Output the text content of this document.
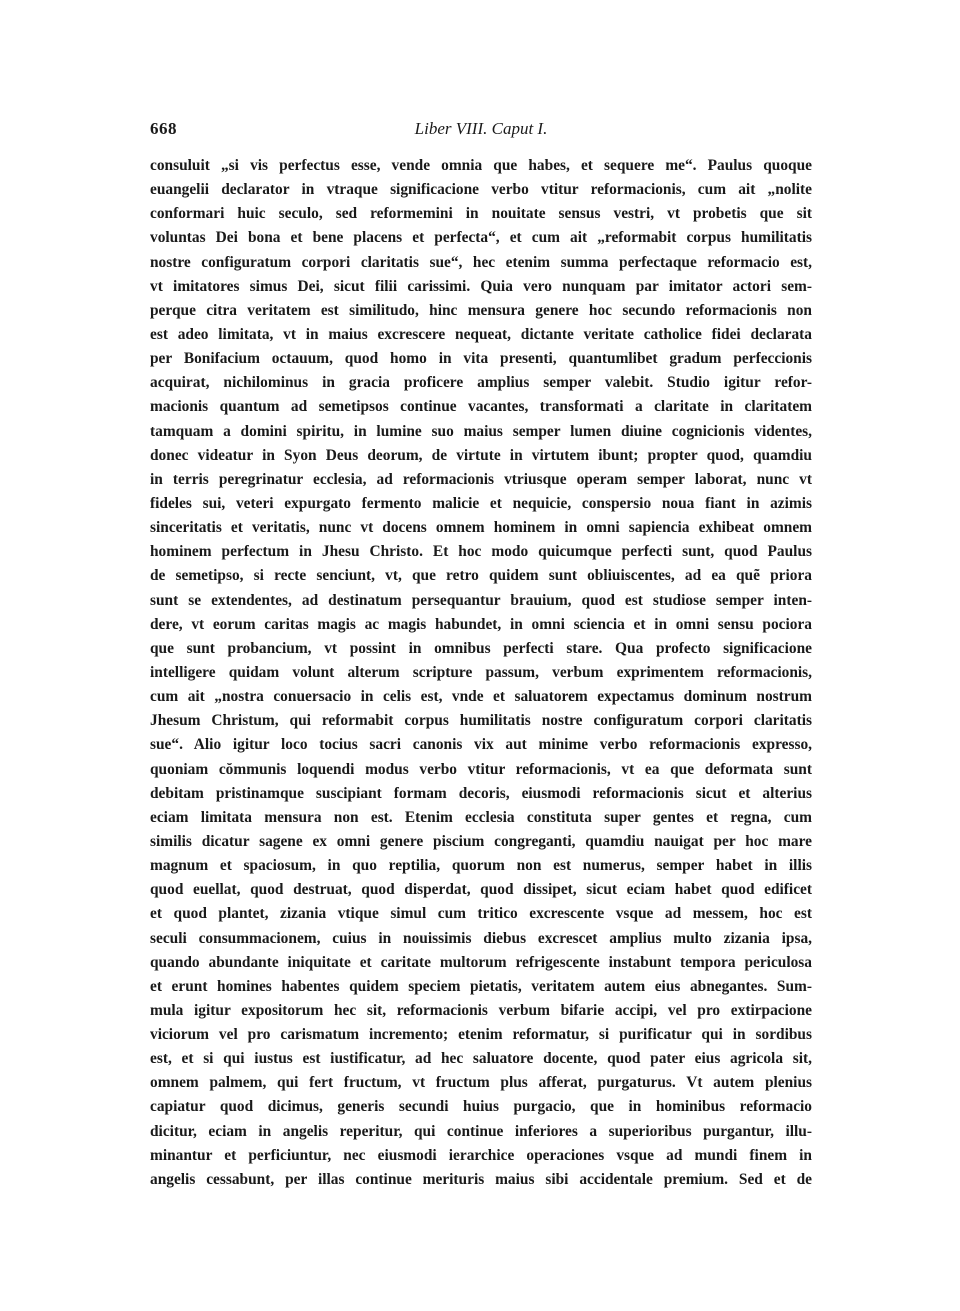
668	Liber VIII. Caput I.
consuluit „si vis perfectus esse, vende omnia que habes, et sequere me“. Paulus quoque
euangelii declarator in vtraque significacione verbo vtitur reformacionis, cum ait „nolite
conformari huic seculo, sed reformemini in nouitate sensus vestri, vt probetis que sit
voluntas Dei bona et bene placens et perfecta“, et cum ait „reformabit corpus humilitatis
nostre configuratum corpori claritatis sue“, hec etenim summa perfectaque reformacio est,
vt imitatores simus Dei, sicut filii carissimi. Quia vero nunquam par imitator actori sem-
perque citra veritatem est similitudo, hinc mensura genere hoc secundo reformacionis non
est adeo limitata, vt in maius excrescere nequeat, dictante veritate catholice fidei declarata
per Bonifacium octauum, quod homo in vita presenti, quantumlibet gradum perfeccionis
acquirat, nichilominus in gracia proficere amplius semper valebit. Studio igitur refor-
macionis quantum ad semetipsos continue vacantes, transformati a claritate in claritatem
tamquam a domini spiritu, in lumine suo maius semper lumen diuine cognicionis videntes,
donec videatur in Syon Deus deorum, de virtute in virtutem ibunt; propter quod, quamdiu
in terris peregrinatur ecclesia, ad reformacionis vtriusque operam semper laborat, nunc vt
fideles sui, veteri expurgato fermento malicie et nequicie, conspersio noua fiant in azimis
sinceritatis et veritatis, nunc vt docens omnem hominem in omni sapiencia exhibeat omnem
hominem perfectum in Jhesu Christo. Et hoc modo quicumque perfecti sunt, quod Paulus
de semetipso, si recte senciunt, vt, que retro quidem sunt obliuiscentes, ad ea quẽ priora
sunt se extendentes, ad destinatum persequantur brauium, quod est studiose semper inten-
dere, vt eorum caritas magis ac magis habundet, in omni sciencia et in omni sensu pociora
que sunt probancium, vt possint in omnibus perfecti stare. Qua profecto significacione
intelligere quidam volunt alterum scripture passum, verbum exprimentem reformacionis,
cum ait „nostra conuersacio in celis est, vnde et saluatorem expectamus dominum nostrum
Jhesum Christum, qui reformabit corpus humilitatis nostre configuratum corpori claritatis
sue“. Alio igitur loco tocius sacri canonis vix aut minime verbo reformacionis expresso,
quoniam cŏmmunis loquendi modus verbo vtitur reformacionis, vt ea que deformata sunt
debitam pristinamque suscipiant formam decoris, eiusmodi reformacionis sicut et alterius
eciam limitata mensura non est. Etenim ecclesia constituta super gentes et regna, cum
similis dicatur sagene ex omni genere piscium congreganti, quamdiu nauigat per hoc mare
magnum et spaciosum, in quo reptilia, quorum non est numerus, semper habet in illis
quod euellat, quod destruat, quod disperdat, quod dissipet, sicut eciam habet quod edificet
et quod plantet, zizania vtique simul cum tritico excrescente vsque ad messem, hoc est
seculi consummacionem, cuius in nouissimis diebus excrescet amplius multo zizania ipsa,
quando abundante iniquitate et caritate multorum refrigescente instabunt tempora periculosa
et erunt homines habentes quidem speciem pietatis, veritatem autem eius abnegantes. Sum-
mula igitur expositorum hec sit, reformacionis verbum bifarie accipi, vel pro extirpacione
viciorum vel pro carismatum incremento; etenim reformatur, si purificatur qui in sordibus
est, et si qui iustus est iustificatur, ad hec saluatore docente, quod pater eius agricola sit,
omnem palmem, qui fert fructum, vt fructum plus afferat, purgaturus. Vt autem plenius
capiatur quod dicimus, generis secundi huius purgacio, que in hominibus reformacio
dicitur, eciam in angelis reperitur, qui continue inferiores a superioribus purgantur, illu-
minantur et perficiuntur, nec eiusmodi ierarchice operaciones vsque ad mundi finem in
angelis cessabunt, per illas continue merituris maius sibi accidentale premium. Sed et de
